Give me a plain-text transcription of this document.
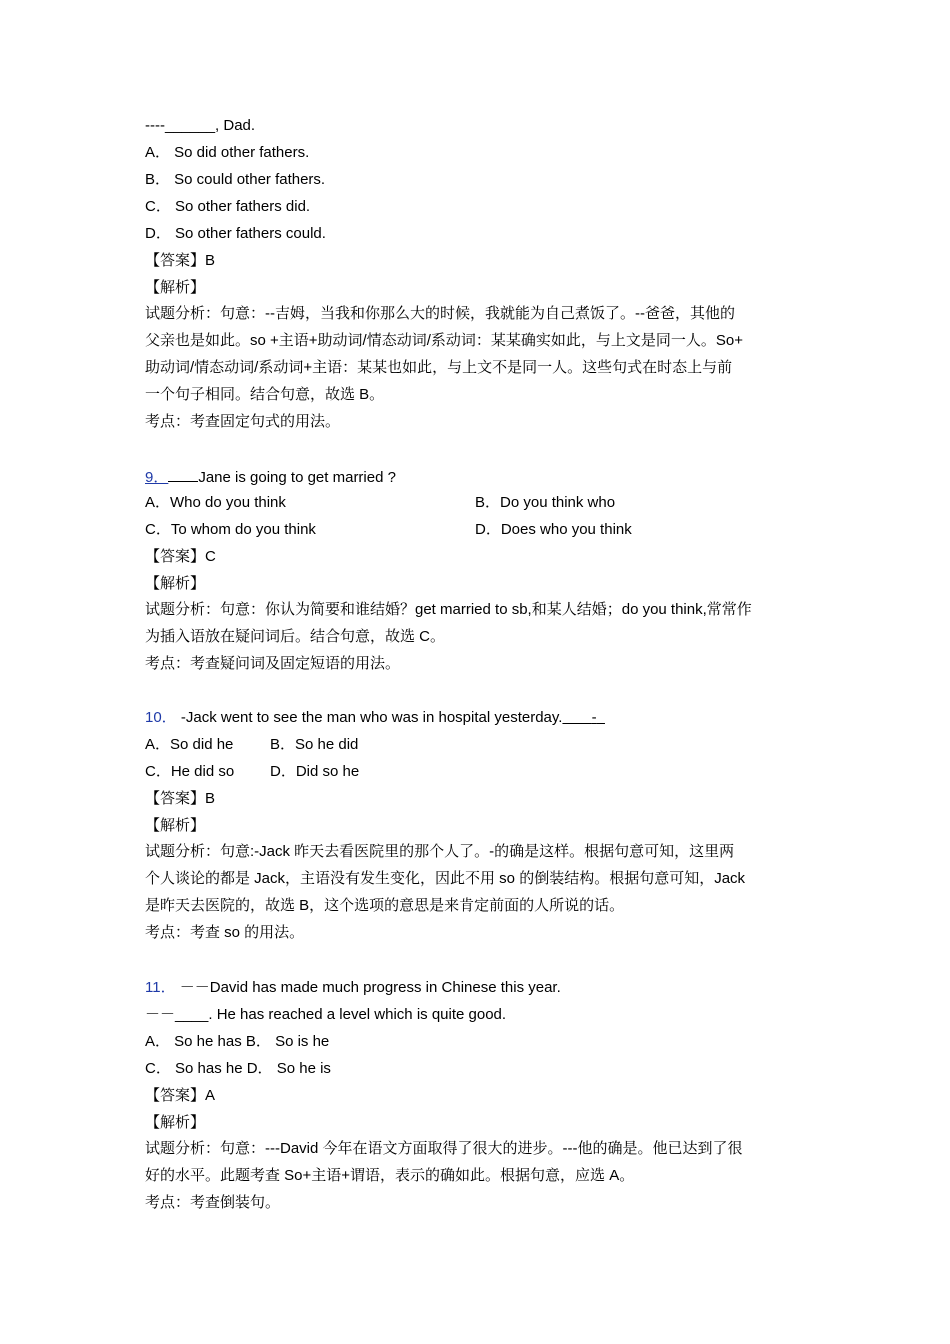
----______, Dad.
A． So did other fathers.
B． So could other fathers.
C． So other fathers did.
D． So other fathers could.
【答案】B
【解析】
试题分析：句意：--吉姆，当我和你那么大的时候，我就能为自己煮饭了。--爸爸，其他的
父亲也是如此。so +主语+助动词/情态动词/系动词：某某确实如此，与上文是同一人。So+
助动词/情态动词/系动词+主语：某某也如此，与上文不是同一人。这些句式在时态上与前
一个句子相同。结合句意，故选 B。
考点：考查固定句式的用法。
9． Jane is going to get married ?
A．Who do you think	B．Do you think who
C．To whom do you think	D．Does who you think
【答案】C
【解析】
试题分析：句意：你认为简要和谁结婚？get married to sb,和某人结婚；do you think,常常作
为插入语放在疑问词后。结合句意，故选 C。
考点：考查疑问词及固定短语的用法。
10． -Jack went to see the man who was in hospital yesterday. -
A．So did he B．So he did
C．He did so D．Did so he
【答案】B
【解析】
试题分析：句意:-Jack 昨天去看医院里的那个人了。-的确是这样。根据句意可知，这里两
个人谈论的都是 Jack，主语没有发生变化，因此不用 so 的倒装结构。根据句意可知，Jack
是昨天去医院的，故选 B，这个选项的意思是来肯定前面的人所说的话。
考点：考查 so 的用法。
11． －－David has made much progress in Chinese this year.
－－____. He has reached a level which is quite good.
A． So he has B． So is he
C． So has he D． So he is
【答案】A
【解析】
试题分析：句意：---David 今年在语文方面取得了很大的进步。---他的确是。他已达到了很
好的水平。此题考查 So+主语+谓语，表示的确如此。根据句意，应选 A。
考点：考查倒装句。
